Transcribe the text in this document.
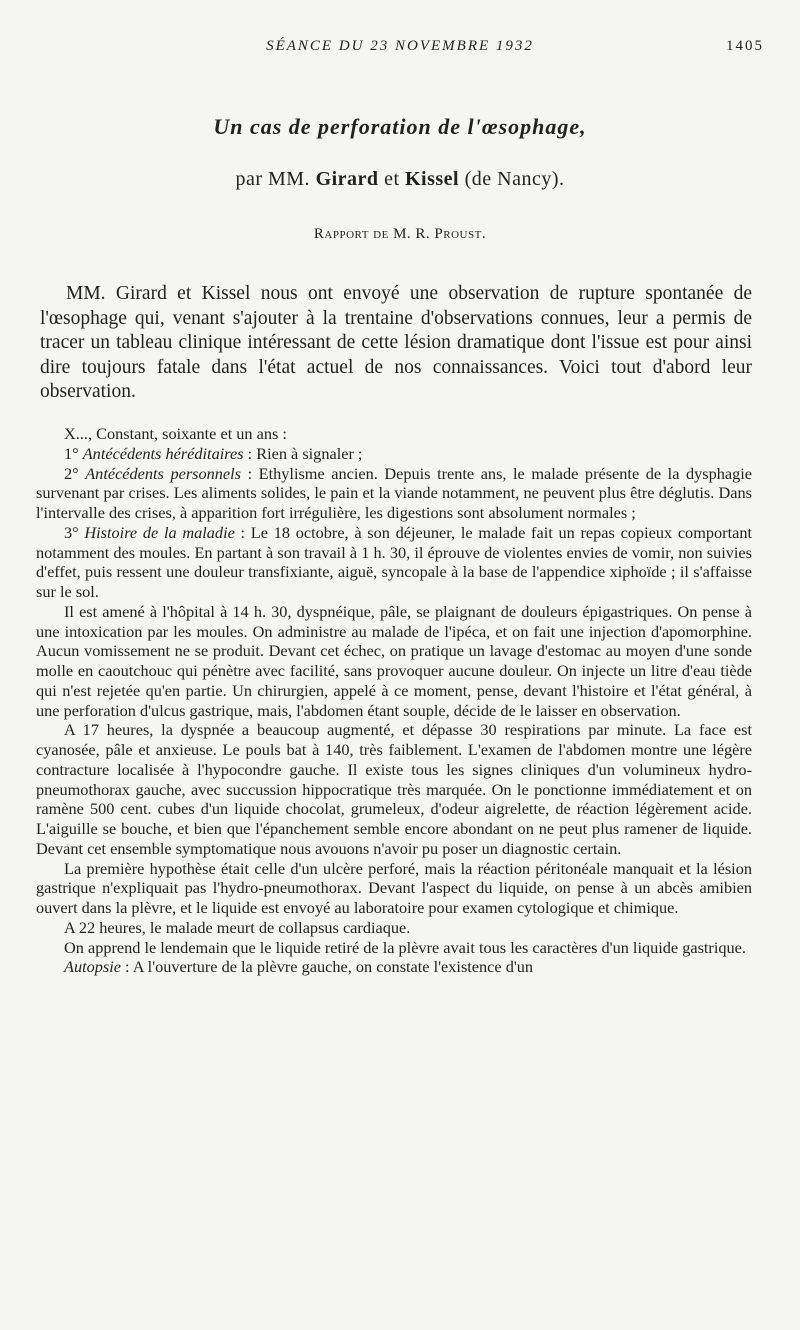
SÉANCE DU 23 NOVEMBRE 1932	1405
Un cas de perforation de l'œsophage,
par MM. Girard et Kissel (de Nancy).
Rapport de M. R. Proust.

MM. Girard et Kissel nous ont envoyé une observation de rupture spontanée de l'œsophage qui, venant s'ajouter à la trentaine d'observations connues, leur a permis de tracer un tableau clinique intéressant de cette lésion dramatique dont l'issue est pour ainsi dire toujours fatale dans l'état actuel de nos connaissances. Voici tout d'abord leur observation.

X..., Constant, soixante et un ans :

1° Antécédents héréditaires : Rien à signaler ;

2° Antécédents personnels : Ethylisme ancien. Depuis trente ans, le malade présente de la dysphagie survenant par crises. Les aliments solides, le pain et la viande notamment, ne peuvent plus être déglutis. Dans l'intervalle des crises, à apparition fort irrégulière, les digestions sont absolument normales ;

3° Histoire de la maladie : Le 18 octobre, à son déjeuner, le malade fait un repas copieux comportant notamment des moules. En partant à son travail à 1 h. 30, il éprouve de violentes envies de vomir, non suivies d'effet, puis ressent une douleur transfixiante, aiguë, syncopale à la base de l'appendice xiphoïde ; il s'affaisse sur le sol.

Il est amené à l'hôpital à 14 h. 30, dyspnéique, pâle, se plaignant de douleurs épigastriques. On pense à une intoxication par les moules. On administre au malade de l'ipéca, et on fait une injection d'apomorphine. Aucun vomissement ne se produit. Devant cet échec, on pratique un lavage d'estomac au moyen d'une sonde molle en caoutchouc qui pénètre avec facilité, sans provoquer aucune douleur. On injecte un litre d'eau tiède qui n'est rejetée qu'en partie. Un chirurgien, appelé à ce moment, pense, devant l'histoire et l'état général, à une perforation d'ulcus gastrique, mais, l'abdomen étant souple, décide de le laisser en observation.

A 17 heures, la dyspnée a beaucoup augmenté, et dépasse 30 respirations par minute. La face est cyanosée, pâle et anxieuse. Le pouls bat à 140, très faiblement. L'examen de l'abdomen montre une légère contracture localisée à l'hypocondre gauche. Il existe tous les signes cliniques d'un volumineux hydro-pneumothorax gauche, avec succussion hippocratique très marquée. On le ponctionne immédiatement et on ramène 500 cent. cubes d'un liquide chocolat, grumeleux, d'odeur aigrelette, de réaction légèrement acide. L'aiguille se bouche, et bien que l'épanchement semble encore abondant on ne peut plus ramener de liquide. Devant cet ensemble symptomatique nous avouons n'avoir pu poser un diagnostic certain.

La première hypothèse était celle d'un ulcère perforé, mais la réaction péritonéale manquait et la lésion gastrique n'expliquait pas l'hydro-pneumothorax. Devant l'aspect du liquide, on pense à un abcès amibien ouvert dans la plèvre, et le liquide est envoyé au laboratoire pour examen cytologique et chimique.

A 22 heures, le malade meurt de collapsus cardiaque.

On apprend le lendemain que le liquide retiré de la plèvre avait tous les caractères d'un liquide gastrique.

Autopsie : A l'ouverture de la plèvre gauche, on constate l'existence d'un
